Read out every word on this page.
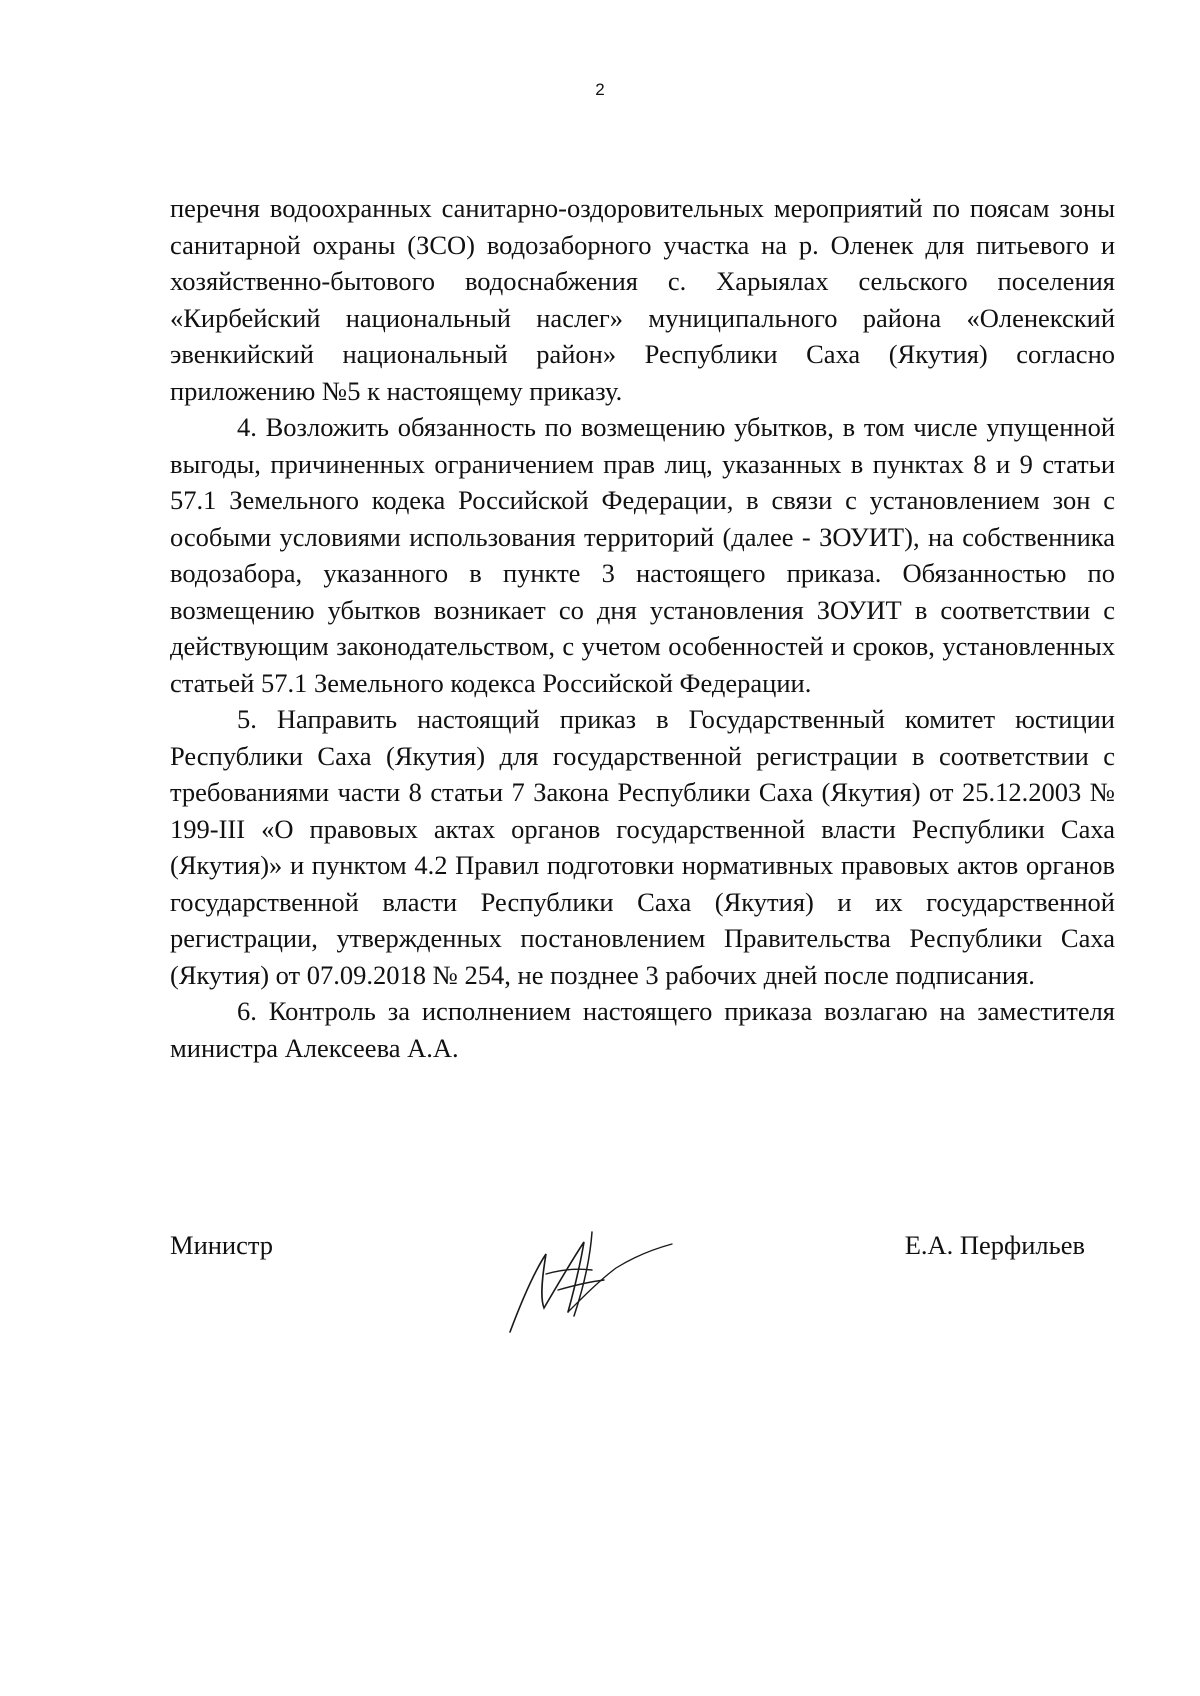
2

перечня водоохранных санитарно-оздоровительных мероприятий по поясам зоны санитарной охраны (ЗСО) водозаборного участка на р. Оленек для питьевого и хозяйственно-бытового водоснабжения с. Харыялах сельского поселения «Кирбейский национальный наслег» муниципального района «Оленекский эвенкийский национальный район» Республики Саха (Якутия) согласно приложению №5 к настоящему приказу.

4. Возложить обязанность по возмещению убытков, в том числе упущенной выгоды, причиненных ограничением прав лиц, указанных в пунктах 8 и 9 статьи 57.1 Земельного кодека Российской Федерации, в связи с установлением зон с особыми условиями использования территорий (далее - ЗОУИТ), на собственника водозабора, указанного в пункте 3 настоящего приказа. Обязанностью по возмещению убытков возникает со дня установления ЗОУИТ в соответствии с действующим законодательством, с учетом особенностей и сроков, установленных статьей 57.1 Земельного кодекса Российской Федерации.

5. Направить настоящий приказ в Государственный комитет юстиции Республики Саха (Якутия) для государственной регистрации в соответствии с требованиями части 8 статьи 7 Закона Республики Саха (Якутия) от 25.12.2003 № 199-III «О правовых актах органов государственной власти Республики Саха (Якутия)» и пунктом 4.2 Правил подготовки нормативных правовых актов органов государственной власти Республики Саха (Якутия) и их государственной регистрации, утвержденных постановлением Правительства Республики Саха (Якутия) от 07.09.2018 № 254, не позднее 3 рабочих дней после подписания.

6. Контроль за исполнением настоящего приказа возлагаю на заместителя министра Алексеева А.А.

Министр	Е.А. Перфильев
